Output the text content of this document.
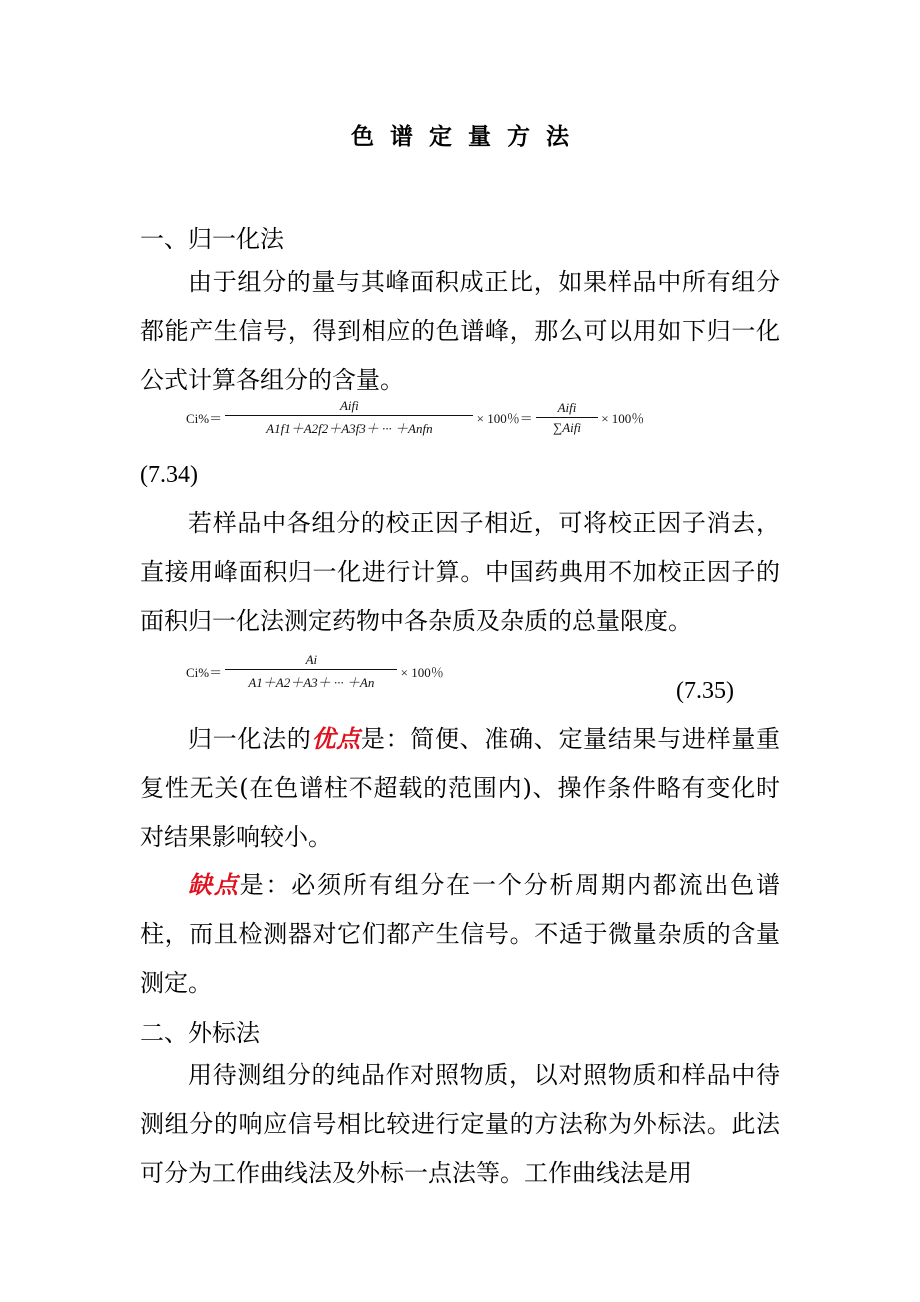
色谱定量方法
一、归一化法
由于组分的量与其峰面积成正比，如果样品中所有组分都能产生信号，得到相应的色谱峰，那么可以用如下归一化公式计算各组分的含量。
$Ci\%= \frac{\text{Aifi}}{\text{A1f1＋A2f2＋A3f3＋ ··· ＋Anfn}} \times 100$％＝ $\frac{\text{Aifi}}{\text{∑Aifi}} \times 100$％
(7.34)
若样品中各组分的校正因子相近，可将校正因子消去，直接用峰面积归一化进行计算。中国药典用不加校正因子的面积归一化法测定药物中各杂质及杂质的总量限度。
$Ci\%= \frac{Ai}{A1+A2+A3+ \cdot\cdot\cdot +An} \times 100$％
(7.35)
归一化法的优点是：简便、准确、定量结果与进样量重复性无关(在色谱柱不超载的范围内)、操作条件略有变化时对结果影响较小。
缺点是：必须所有组分在一个分析周期内都流出色谱柱，而且检测器对它们都产生信号。不适于微量杂质的含量测定。
二、外标法
用待测组分的纯品作对照物质，以对照物质和样品中待测组分的响应信号相比较进行定量的方法称为外标法。此法可分为工作曲线法及外标一点法等。工作曲线法是用
